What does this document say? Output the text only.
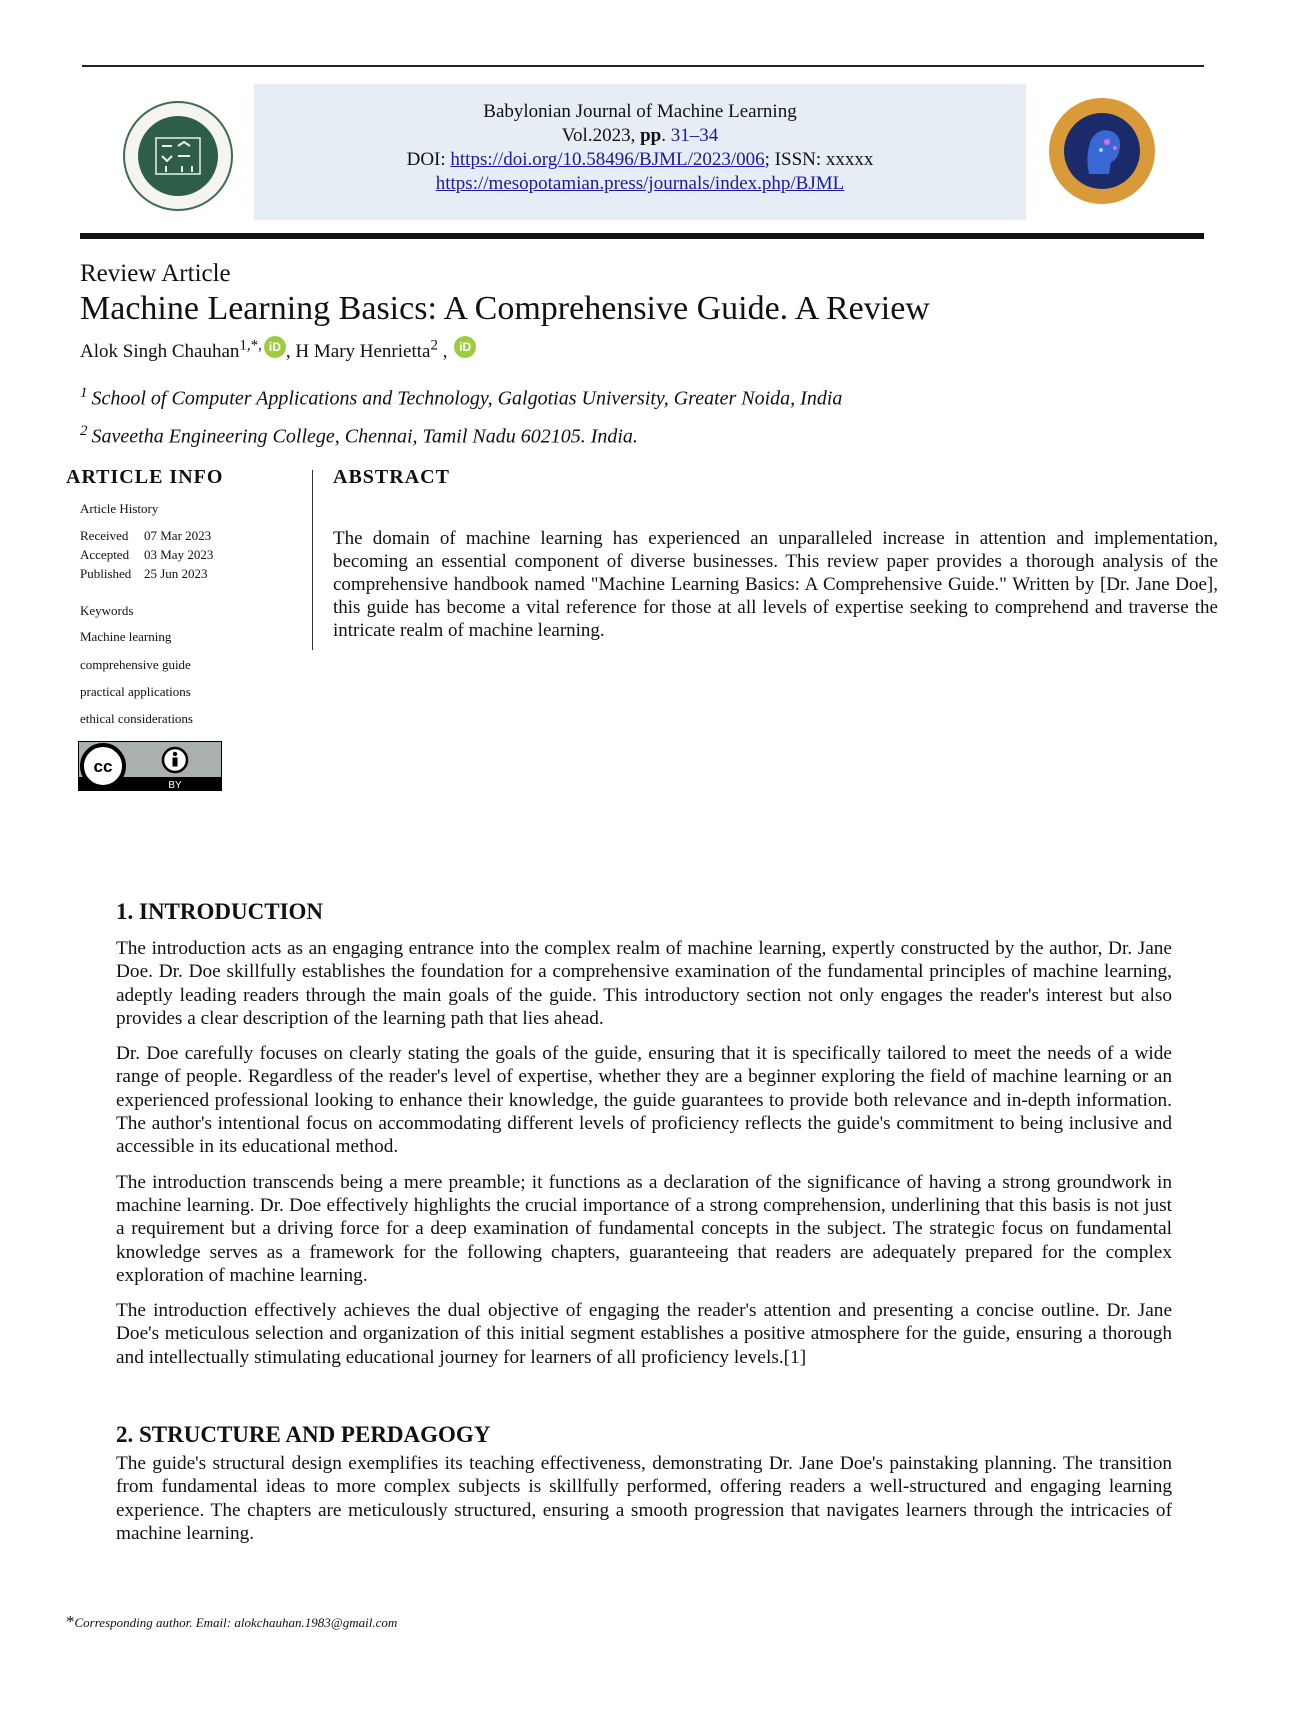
Babylonian Journal of Machine Learning
Vol.2023, pp. 31–34
DOI: https://doi.org/10.58496/BJML/2023/006; ISSN: xxxxx
https://mesopotamian.press/journals/index.php/BJML
Review Article
Machine Learning Basics: A Comprehensive Guide. A Review
Alok Singh Chauhan$^{1,*,}$ iD , H Mary Henrietta$^2$ , iD
$^1$ School of Computer Applications and Technology, Galgotias University, Greater Noida, India
$^2$ Saveetha Engineering College, Chennai, Tamil Nadu 602105. India.
ARTICLE INFO
Article History
Received 07 Mar 2023
Accepted 03 May 2023
Published 25 Jun 2023
Keywords
Machine learning
comprehensive guide
practical applications
ethical considerations
cc
BY
ABSTRACT
The domain of machine learning has experienced an unparalleled increase in attention and implementation, becoming an essential component of diverse businesses. This review paper provides a thorough analysis of the comprehensive handbook named "Machine Learning Basics: A Comprehensive Guide." Written by [Dr. Jane Doe], this guide has become a vital reference for those at all levels of expertise seeking to comprehend and traverse the intricate realm of machine learning.
1. INTRODUCTION

The introduction acts as an engaging entrance into the complex realm of machine learning, expertly constructed by the author, Dr. Jane Doe. Dr. Doe skillfully establishes the foundation for a comprehensive examination of the fundamental principles of machine learning, adeptly leading readers through the main goals of the guide. This introductory section not only engages the reader's interest but also provides a clear description of the learning path that lies ahead.

Dr. Doe carefully focuses on clearly stating the goals of the guide, ensuring that it is specifically tailored to meet the needs of a wide range of people. Regardless of the reader's level of expertise, whether they are a beginner exploring the field of machine learning or an experienced professional looking to enhance their knowledge, the guide guarantees to provide both relevance and in-depth information. The author's intentional focus on accommodating different levels of proficiency reflects the guide's commitment to being inclusive and accessible in its educational method.

The introduction transcends being a mere preamble; it functions as a declaration of the significance of having a strong groundwork in machine learning. Dr. Doe effectively highlights the crucial importance of a strong comprehension, underlining that this basis is not just a requirement but a driving force for a deep examination of fundamental concepts in the subject. The strategic focus on fundamental knowledge serves as a framework for the following chapters, guaranteeing that readers are adequately prepared for the complex exploration of machine learning.

The introduction effectively achieves the dual objective of engaging the reader's attention and presenting a concise outline. Dr. Jane Doe's meticulous selection and organization of this initial segment establishes a positive atmosphere for the guide, ensuring a thorough and intellectually stimulating educational journey for learners of all proficiency levels.[1]

2. STRUCTURE AND PERDAGOGY

The guide's structural design exemplifies its teaching effectiveness, demonstrating Dr. Jane Doe's painstaking planning. The transition from fundamental ideas to more complex subjects is skillfully performed, offering readers a well-structured and engaging learning experience. The chapters are meticulously structured, ensuring a smooth progression that navigates learners through the intricacies of machine learning.

*Corresponding author. Email: alokchauhan.1983@gmail.com
